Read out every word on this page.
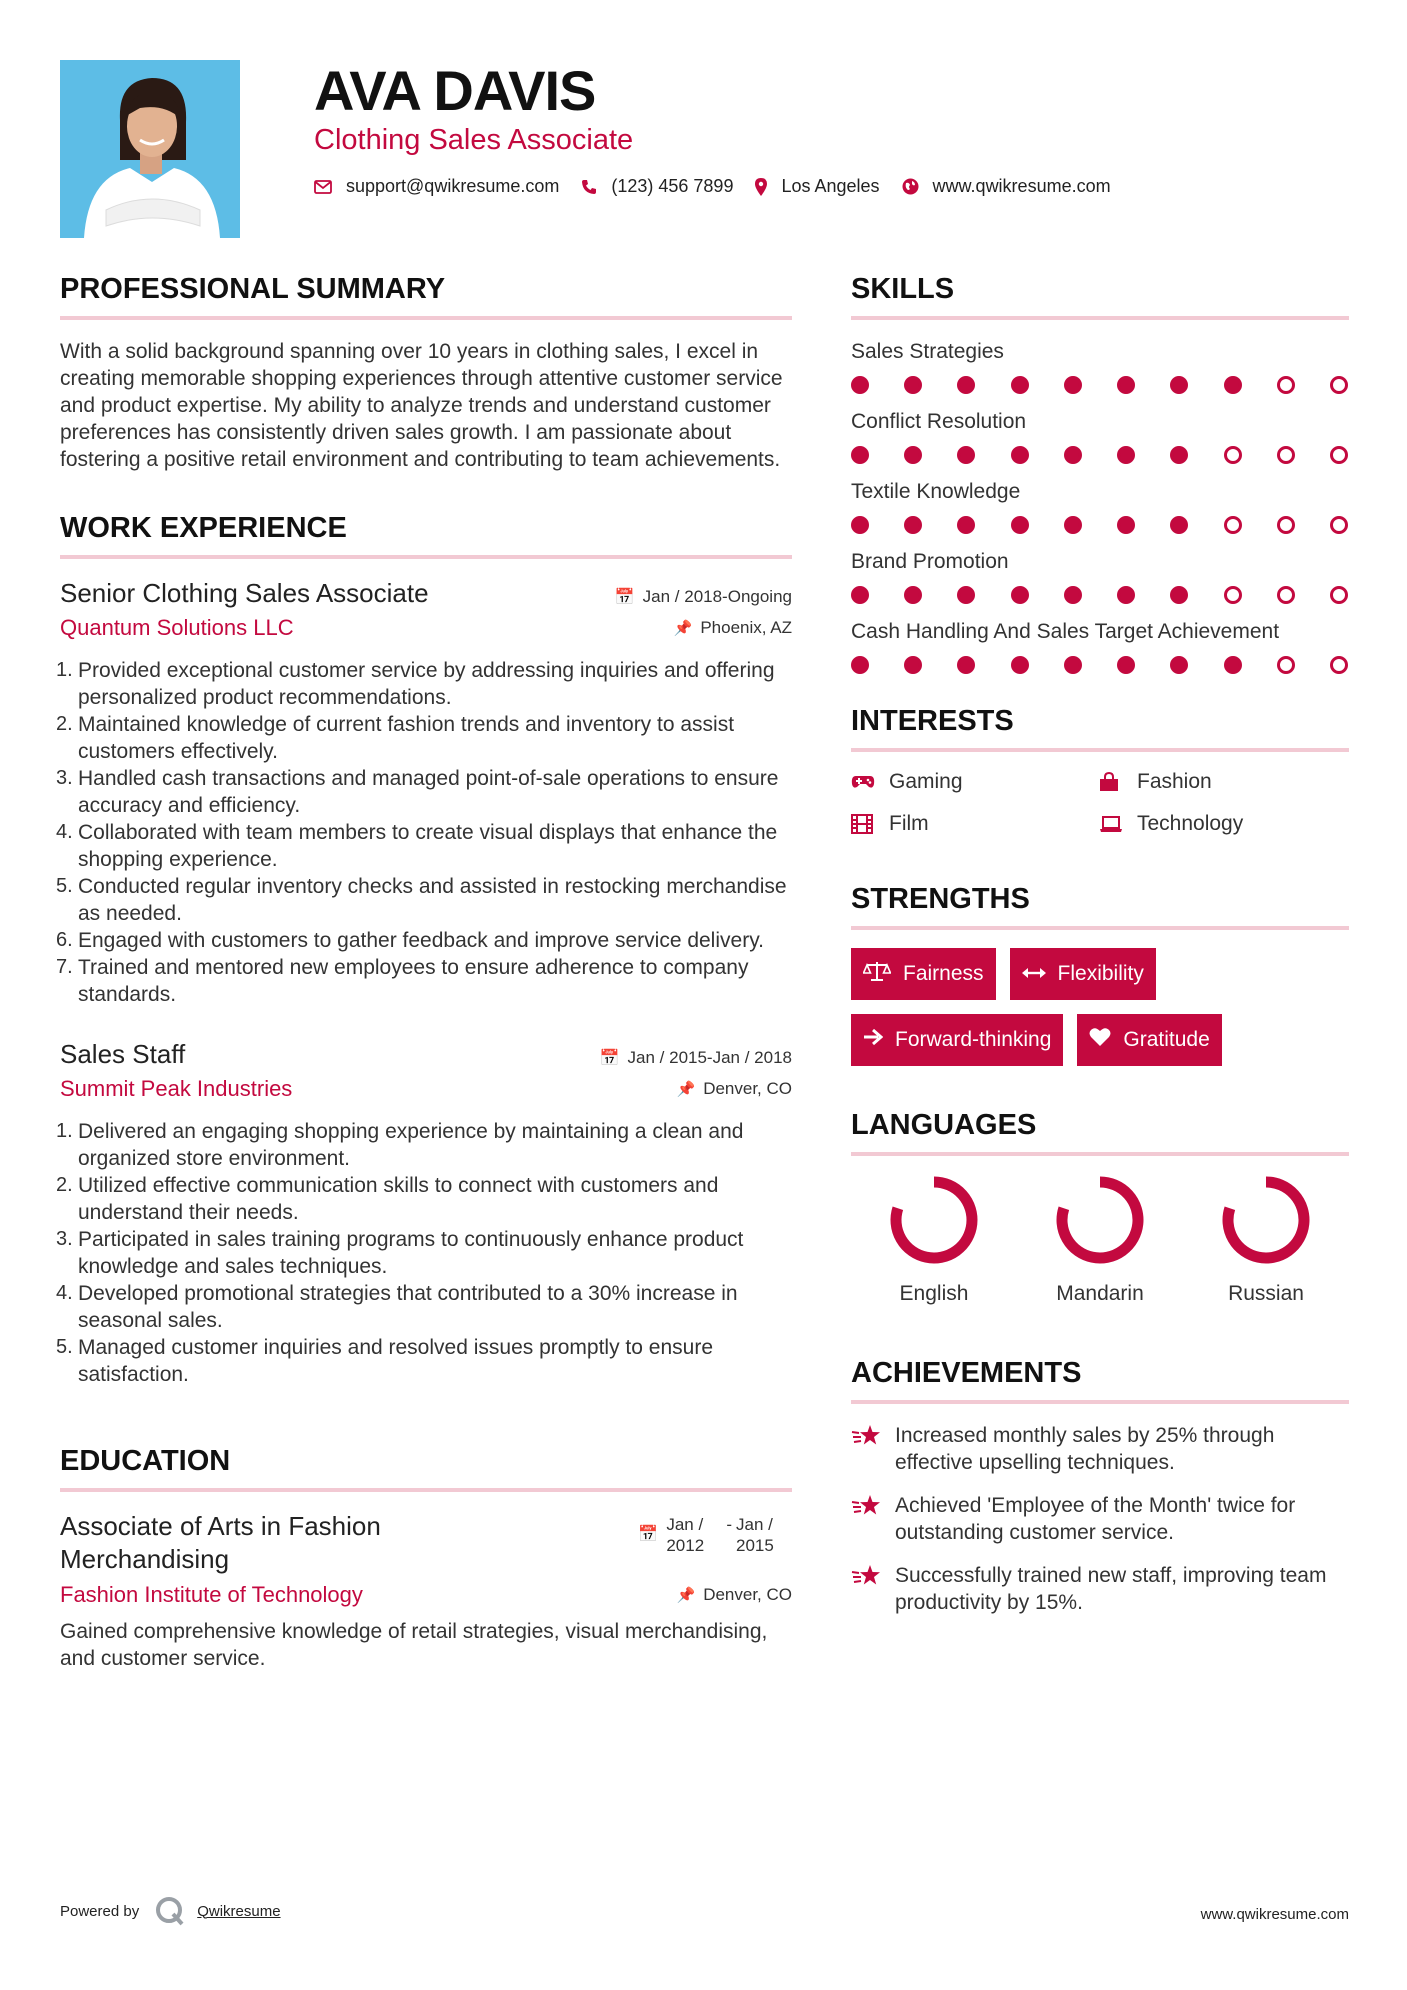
AVA DAVIS
Clothing Sales Associate
support@qwikresume.com	(123) 456 7899	Los Angeles	www.qwikresume.com
PROFESSIONAL SUMMARY

With a solid background spanning over 10 years in clothing sales, I excel in creating memorable shopping experiences through attentive customer service and product expertise. My ability to analyze trends and understand customer preferences has consistently driven sales growth. I am passionate about fostering a positive retail environment and contributing to team achievements.

WORK EXPERIENCE
Senior Clothing Sales Associate	📅 Jan / 2018-Ongoing
Quantum Solutions LLC	📌 Phoenix, AZ
Provided exceptional customer service by addressing inquiries and offering personalized product recommendations.
Maintained knowledge of current fashion trends and inventory to assist customers effectively.
Handled cash transactions and managed point-of-sale operations to ensure accuracy and efficiency.
Collaborated with team members to create visual displays that enhance the shopping experience.
Conducted regular inventory checks and assisted in restocking merchandise as needed.
Engaged with customers to gather feedback and improve service delivery.
Trained and mentored new employees to ensure adherence to company standards.
Sales Staff	📅 Jan / 2015-Jan / 2018
Summit Peak Industries	📌 Denver, CO
Delivered an engaging shopping experience by maintaining a clean and organized store environment.
Utilized effective communication skills to connect with customers and understand their needs.
Participated in sales training programs to continuously enhance product knowledge and sales techniques.
Developed promotional strategies that contributed to a 30% increase in seasonal sales.
Managed customer inquiries and resolved issues promptly to ensure satisfaction.
EDUCATION
Associate of Arts in Fashion Merchandising
📅
Jan / 2012
- Jan / 2015
Fashion Institute of Technology	📌 Denver, CO

Gained comprehensive knowledge of retail strategies, visual merchandising, and customer service.

SKILLS
Sales Strategies
Conflict Resolution
Textile Knowledge
Brand Promotion
Cash Handling And Sales Target Achievement
INTERESTS
Gaming	Fashion
Film	Technology
STRENGTHS
Fairness	Flexibility
Forward-thinking	Gratitude
LANGUAGES
English	Mandarin	Russian
ACHIEVEMENTS
Increased monthly sales by 25% through effective upselling techniques.
Achieved 'Employee of the Month' twice for outstanding customer service.
Successfully trained new staff, improving team productivity by 15%.
Powered by	Qwikresume	www.qwikresume.com
